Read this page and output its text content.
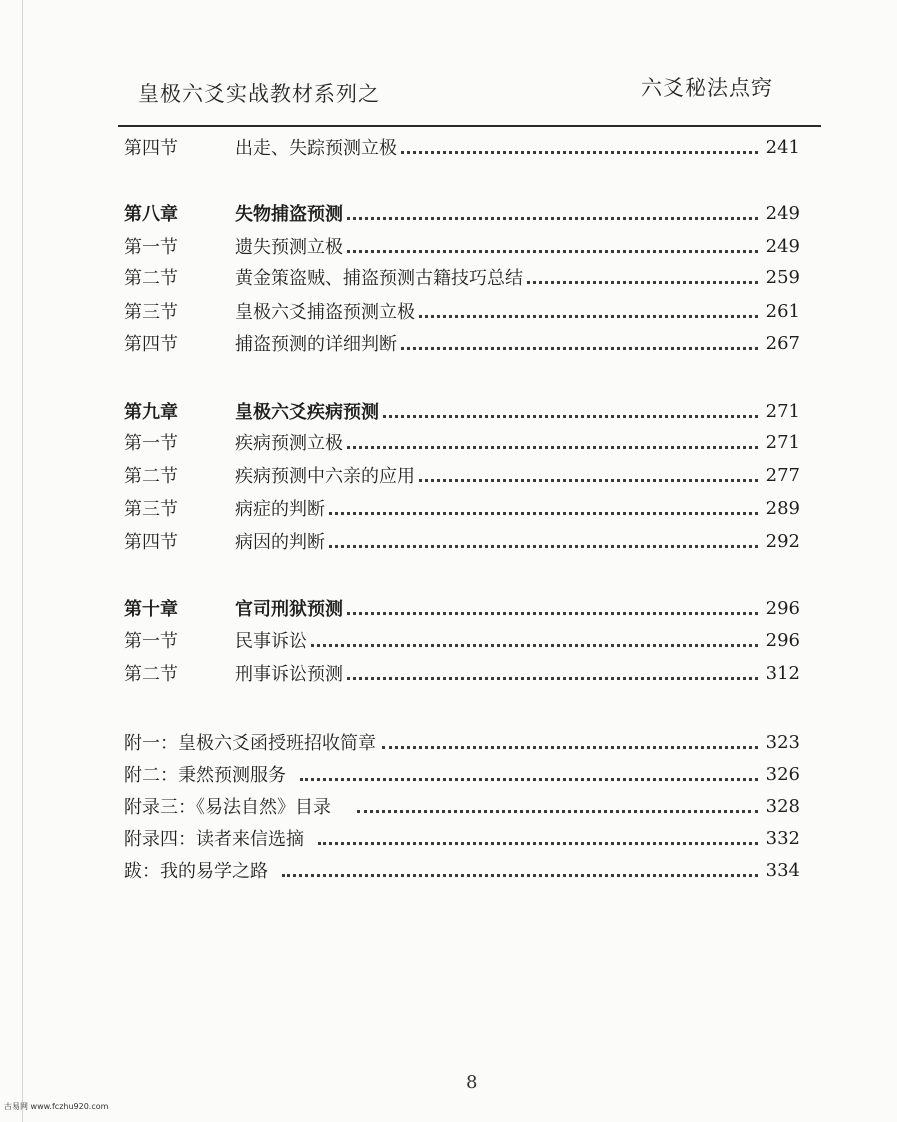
皇极六爻实战教材系列之	六爻秘法点窍
第四节	出走、失踪预测立极	241
第八章	失物捕盗预测	249
第一节	遗失预测立极	249
第二节	黄金策盗贼、捕盗预测古籍技巧总结	259
第三节	皇极六爻捕盗预测立极	261
第四节	捕盗预测的详细判断	267
第九章	皇极六爻疾病预测	271
第一节	疾病预测立极	271
第二节	疾病预测中六亲的应用	277
第三节	病症的判断	289
第四节	病因的判断	292
第十章	官司刑狱预测	296
第一节	民事诉讼	296
第二节	刑事诉讼预测	312
附一：皇极六爻函授班招收简章	323
附二：秉然预测服务	326
附录三：《易法自然》目录	328
附录四：读者来信选摘	332
跋：我的易学之路	334
8
古易网 www.fczhu920.com
